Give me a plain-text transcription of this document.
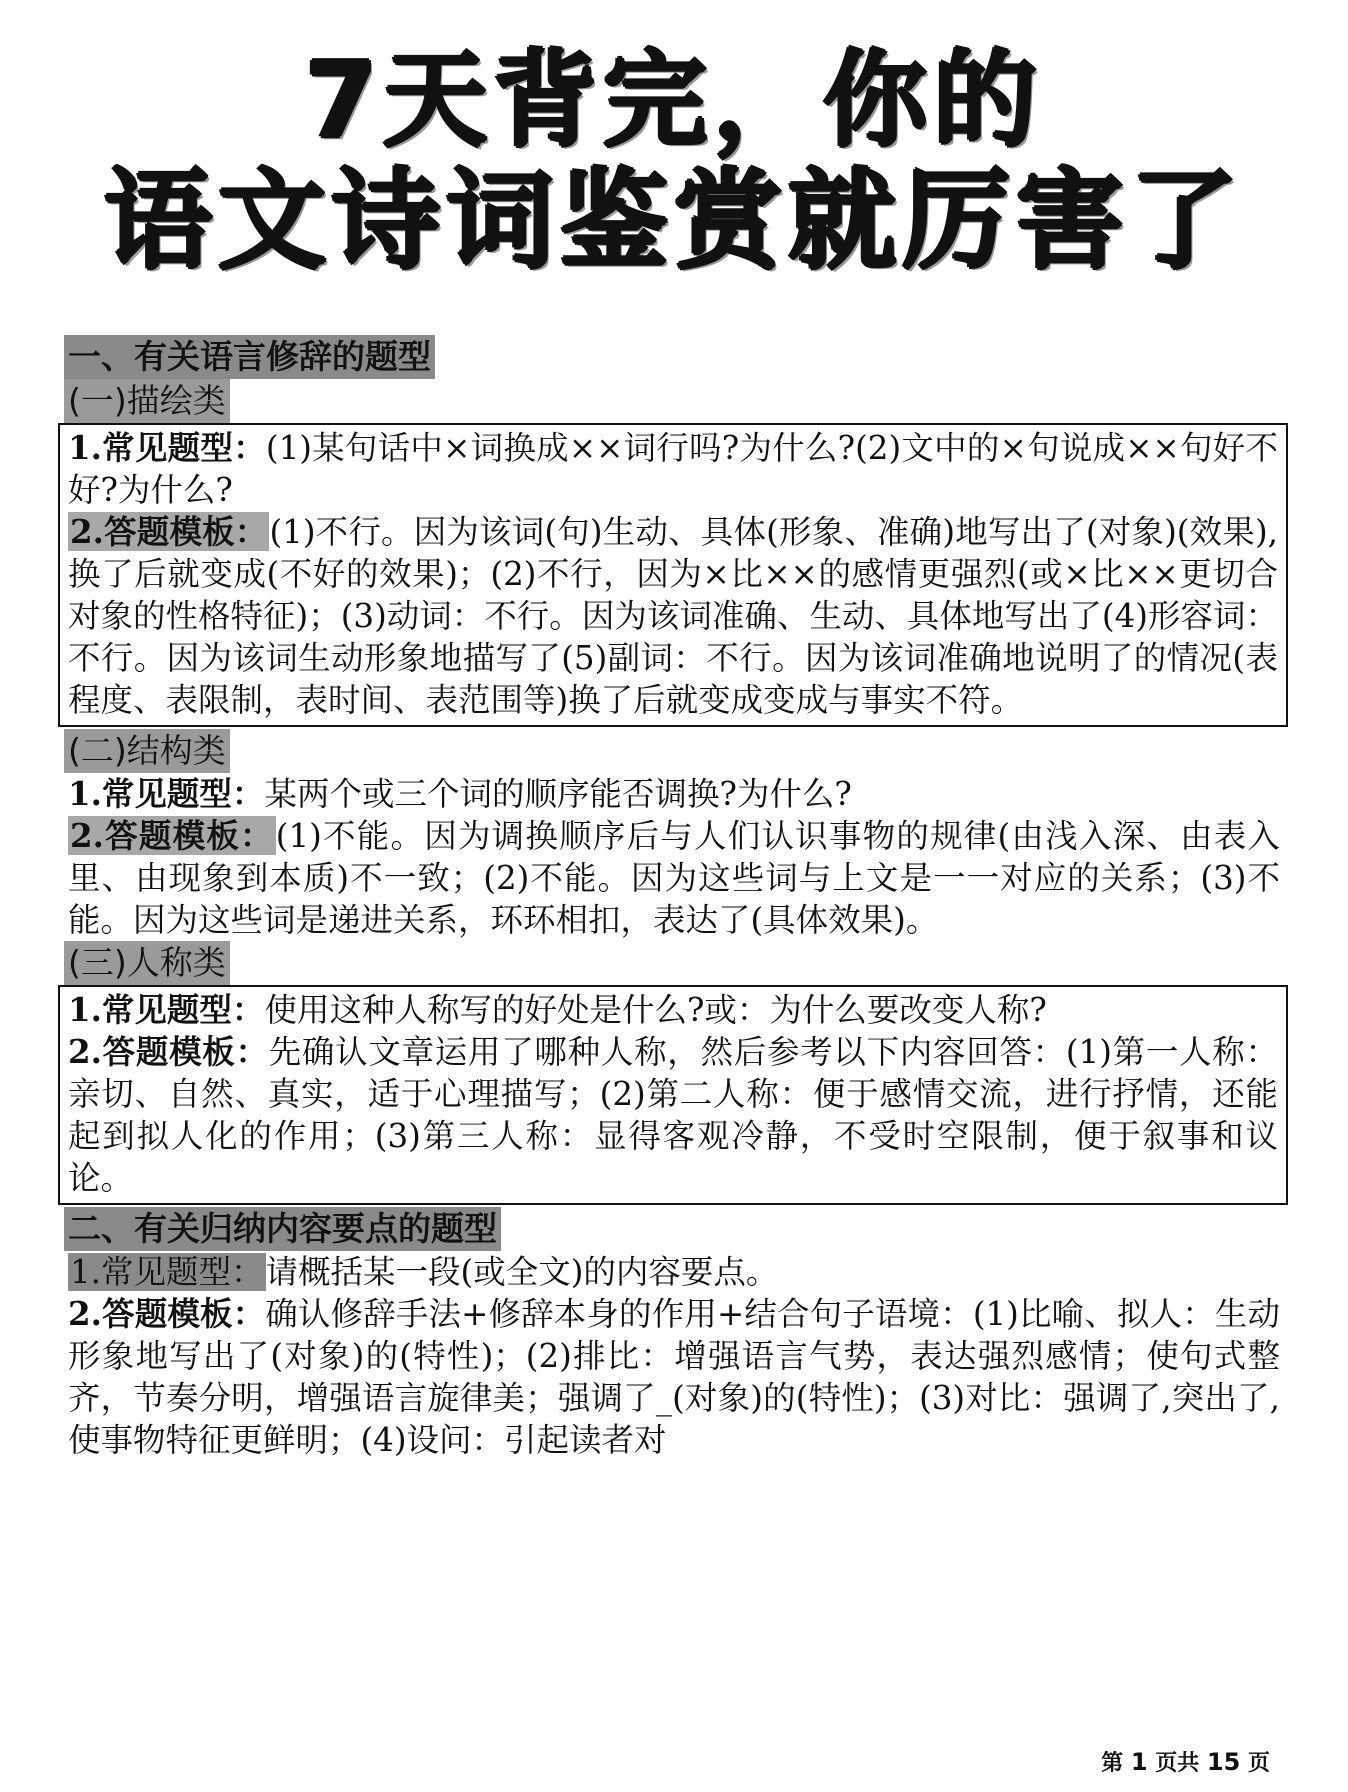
7天背完，你的
语文诗词鉴赏就厉害了
一、有关语言修辞的题型
(一)描绘类

1.常见题型：(1)某句话中×词换成××词行吗?为什么?(2)文中的×句说成××句好不好?为什么?

2.答题模板：(1)不行。因为该词(句)生动、具体(形象、准确)地写出了(对象)(效果),换了后就变成(不好的效果)；(2)不行，因为×比××的感情更强烈(或×比××更切合对象的性格特征)；(3)动词：不行。因为该词准确、生动、具体地写出了(4)形容词：不行。因为该词生动形象地描写了(5)副词：不行。因为该词准确地说明了的情况(表程度、表限制，表时间、表范围等)换了后就变成变成与事实不符。

(二)结构类

1.常见题型：某两个或三个词的顺序能否调换?为什么?

2.答题模板：(1)不能。因为调换顺序后与人们认识事物的规律(由浅入深、由表入里、由现象到本质)不一致；(2)不能。因为这些词与上文是一一对应的关系；(3)不能。因为这些词是递进关系，环环相扣，表达了(具体效果)。

(三)人称类

1.常见题型：使用这种人称写的好处是什么?或：为什么要改变人称?

2.答题模板：先确认文章运用了哪种人称，然后参考以下内容回答：(1)第一人称：亲切、自然、真实，适于心理描写；(2)第二人称：便于感情交流，进行抒情，还能起到拟人化的作用；(3)第三人称：显得客观冷静，不受时空限制，便于叙事和议论。

二、有关归纳内容要点的题型

1.常见题型：请概括某一段(或全文)的内容要点。

2.答题模板：确认修辞手法+修辞本身的作用+结合句子语境：(1)比喻、拟人：生动形象地写出了(对象)的(特性)；(2)排比：增强语言气势，表达强烈感情；使句式整齐，节奏分明，增强语言旋律美；强调了_(对象)的(特性)；(3)对比：强调了,突出了,使事物特征更鲜明；(4)设问：引起读者对

第 1 页共 15 页
